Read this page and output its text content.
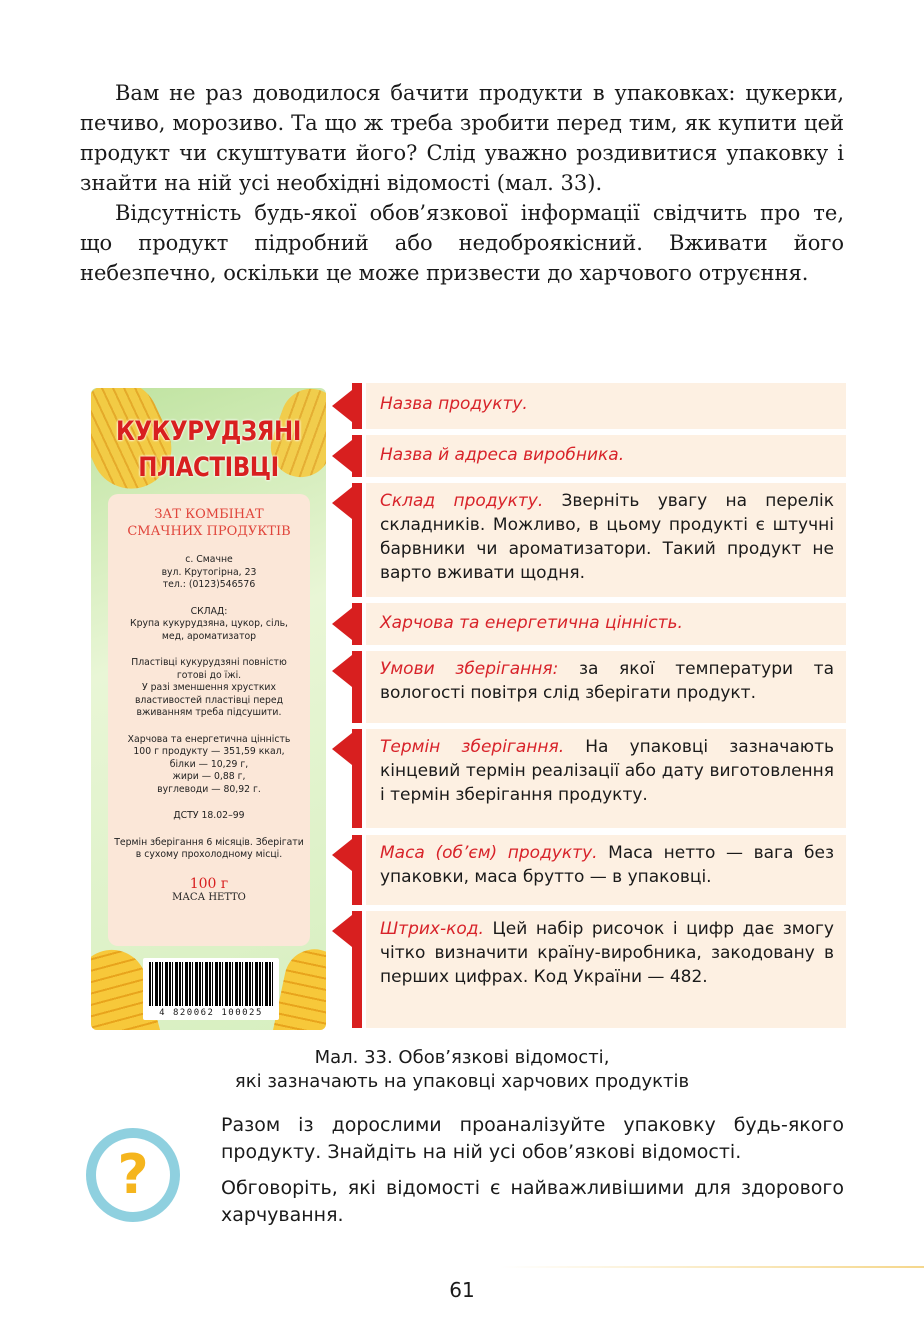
Вам не раз доводилося бачити продукти в упаковках: цукерки, печиво, морозиво. Та що ж треба зробити перед тим, як купити цей продукт чи скуштувати його? Слід уважно роздивитися упаковку і знайти на ній усі необхідні відомості (мал. 33).

Відсутність будь-якої обов’язкової інформації свідчить про те, що продукт підробний або недоброякісний. Вживати його небезпечно, оскільки це може призвести до харчового отруєння.

КУКУРУДЗЯНІ
ПЛАСТІВЦІ
ЗАТ КОМБІНАТ
СМАЧНИХ ПРОДУКТІВ
с. Смачне
вул. Крутогірна, 23
тел.: (0123)546576
СКЛАД:
Крупа кукурудзяна, цукор, сіль,
мед, ароматизатор
Пластівці кукурудзяні повністю
готові до їжі.
У разі зменшення хрустких
властивостей пластівці перед
вживанням треба підсушити.
Харчова та енергетична цінність
100 г продукту — 351,59 ккал,
білки — 10,29 г,
жири — 0,88 г,
вуглеводи — 80,92 г.
ДСТУ 18.02–99
Термін зберігання 6 місяців. Зберігати
в сухому прохолодному місці.
100 г
МАСА НЕТТО
4 820062 100025
Назва продукту.
Назва й адреса виробника.
Склад продукту. Зверніть увагу на перелік складників. Можливо, в цьому продукті є штучні барвники чи ароматизатори. Такий продукт не варто вживати щодня.
Харчова та енергетична цінність.
Умови зберігання: за якої температури та вологості повітря слід зберігати продукт.
Термін зберігання. На упаковці зазначають кінцевий термін реалізації або дату виготовлення і термін зберігання продукту.
Маса (об’єм) продукту. Маса нетто — вага без упаковки, маса брутто — в упаковці.
Штрих-код. Цей набір рисочок і цифр дає змогу чітко визначити країну-виробника, закодовану в перших цифрах. Код України — 482.
Мал. 33. Обов’язкові відомості,
які зазначають на упаковці харчових продуктів
?

Разом із дорослими проаналізуйте упаковку будь-якого продукту. Знайдіть на ній усі обов’язкові відомості.

Обговоріть, які відомості є найважливішими для здорового харчування.

61
